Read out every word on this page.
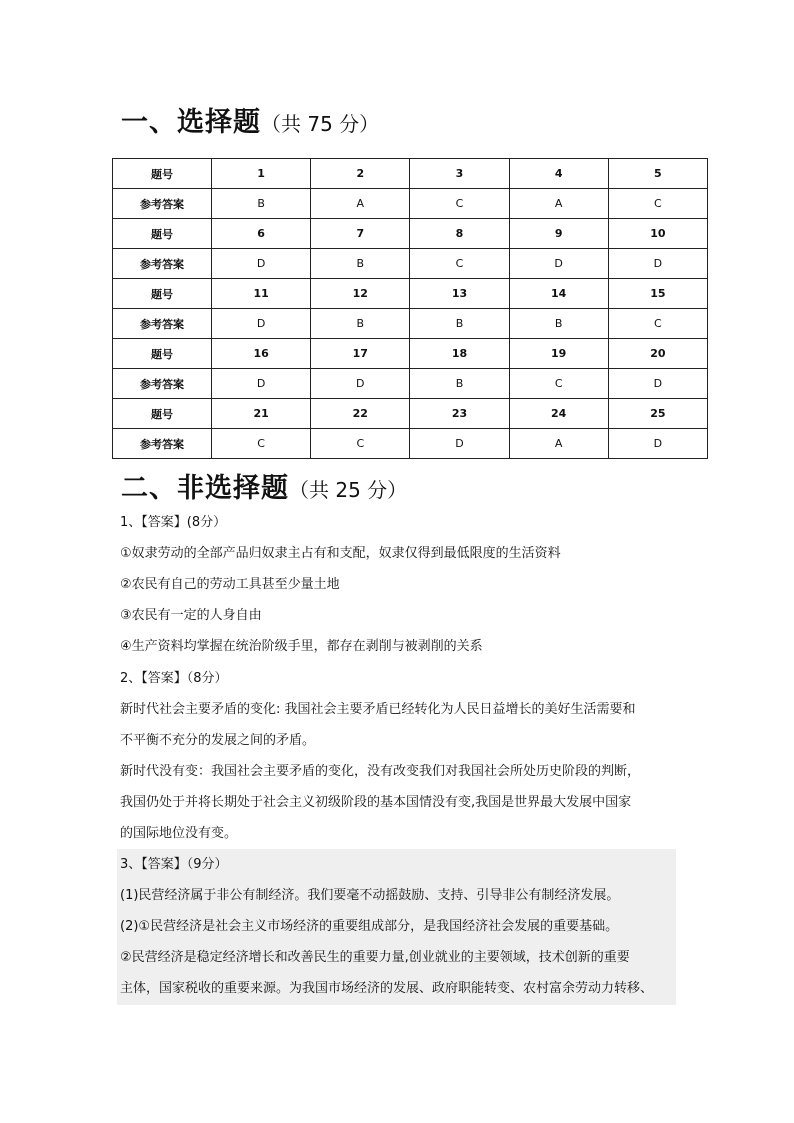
一、选择题（共 75 分）
题号	1	2	3	4	5
参考答案	B	A	C	A	C
题号	6	7	8	9	10
参考答案	D	B	C	D	D
题号	11	12	13	14	15
参考答案	D	B	B	B	C
题号	16	17	18	19	20
参考答案	D	D	B	C	D
题号	21	22	23	24	25
参考答案	C	C	D	A	D
二、非选择题（共 25 分）
1、【答案】(8分）
①奴隶劳动的全部产品归奴隶主占有和支配，奴隶仅得到最低限度的生活资料
②农民有自己的劳动工具甚至少量土地
③农民有一定的人身自由
④生产资料均掌握在统治阶级手里，都存在剥削与被剥削的关系
2、【答案】（8分）
新时代社会主要矛盾的变化: 我国社会主要矛盾已经转化为人民日益增长的美好生活需要和
不平衡不充分的发展之间的矛盾。
新时代没有变：我国社会主要矛盾的变化，没有改变我们对我国社会所处历史阶段的判断，
我国仍处于并将长期处于社会主义初级阶段的基本国情没有变,我国是世界最大发展中国家
的国际地位没有变。
3、【答案】（9分）
(1)民营经济属于非公有制经济。我们要毫不动摇鼓励、支持、引导非公有制经济发展。
(2)①民营经济是社会主义市场经济的重要组成部分，是我国经济社会发展的重要基础。
②民营经济是稳定经济增长和改善民生的重要力量,创业就业的主要领域，技术创新的重要
主体，国家税收的重要来源。为我国市场经济的发展、政府职能转变、农村富余劳动力转移、
